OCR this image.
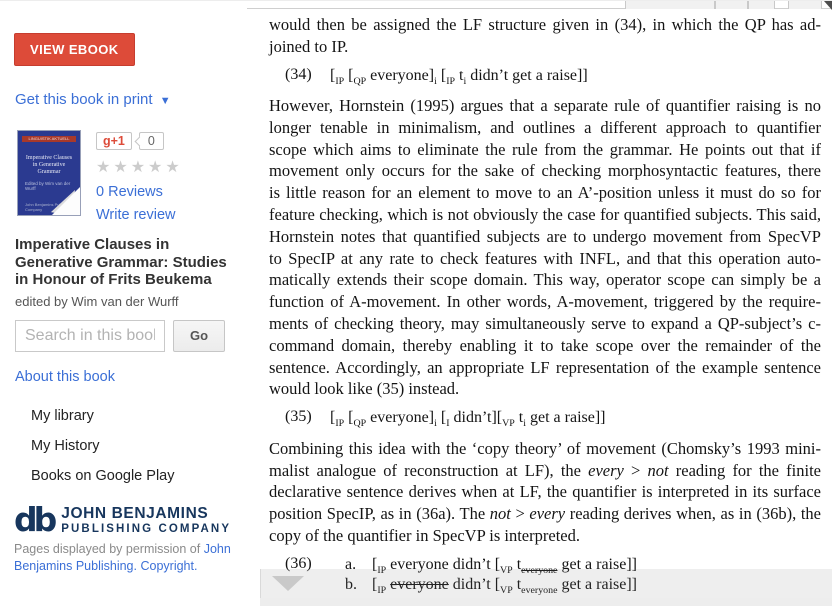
VIEW EBOOK
Get this book in print ▼
LINGUISTIK AKTUELL
Imperative Clauses in Generative Grammar
Edited by Wim van der Wurff
John Benjamins Publishing Company
g+1	0
★★★★★
0 Reviews
Write review
Imperative Clauses in
Generative Grammar: Studies
in Honour of Frits Beukema
edited by Wim van der Wurff
Search in this book
Go
About this book
My library
My History
Books on Google Play
db JOHN BENJAMINS
PUBLISHING COMPANY
Pages displayed by permission of John Benjamins Publishing. Copyright.
would then be assigned the LF structure given in (34), in which the QP has ad-
joined to IP.
(34)	[$_{IP}$ [$_{QP}$ $everyone]_i$ [$_{IP}$ $t_i$ didn’t get a raise]]
However, Hornstein (1995) argues that a separate rule of quantifier raising is no
longer tenable in minimalism, and outlines a different approach to quantifier
scope which aims to eliminate the rule from the grammar. He points out that if
movement only occurs for the sake of checking morphosyntactic features, there
is little reason for an element to move to an A’-position unless it must do so for
feature checking, which is not obviously the case for quantified subjects. This said,
Hornstein notes that quantified subjects are to undergo movement from SpecVP
to SpecIP at any rate to check features with INFL, and that this operation auto-
matically extends their scope domain. This way, operator scope can simply be a
function of A-movement. In other words, A-movement, triggered by the require-
ments of checking theory, may simultaneously serve to expand a QP-subject’s c-
command domain, thereby enabling it to take scope over the remainder of the
sentence. Accordingly, an appropriate LF representation of the example sentence
would look like (35) instead.
(35)	[$_{IP}$ [$_{QP}$ $everyone]_i$ [$_I$ $didn’t][_{VP}$ $t_i$ get a raise]]
Combining this idea with the ‘copy theory’ of movement (Chomsky’s 1993 mini-
malist analogue of reconstruction at LF), the every > not reading for the finite
declarative sentence derives when at LF, the quantifier is interpreted in its surface
position SpecIP, as in (36a). The not > every reading derives when, as in (36b), the
copy of the quantifier in SpecVP is interpreted.
(36)	a. [$_{IP}$ everyone didn’t [$_{VP}$ $t_{everyone}$ get a raise]]
b. [$_{IP}$ everyone didn’t [$_{VP}$ $t_{everyone}$ get a raise]]
